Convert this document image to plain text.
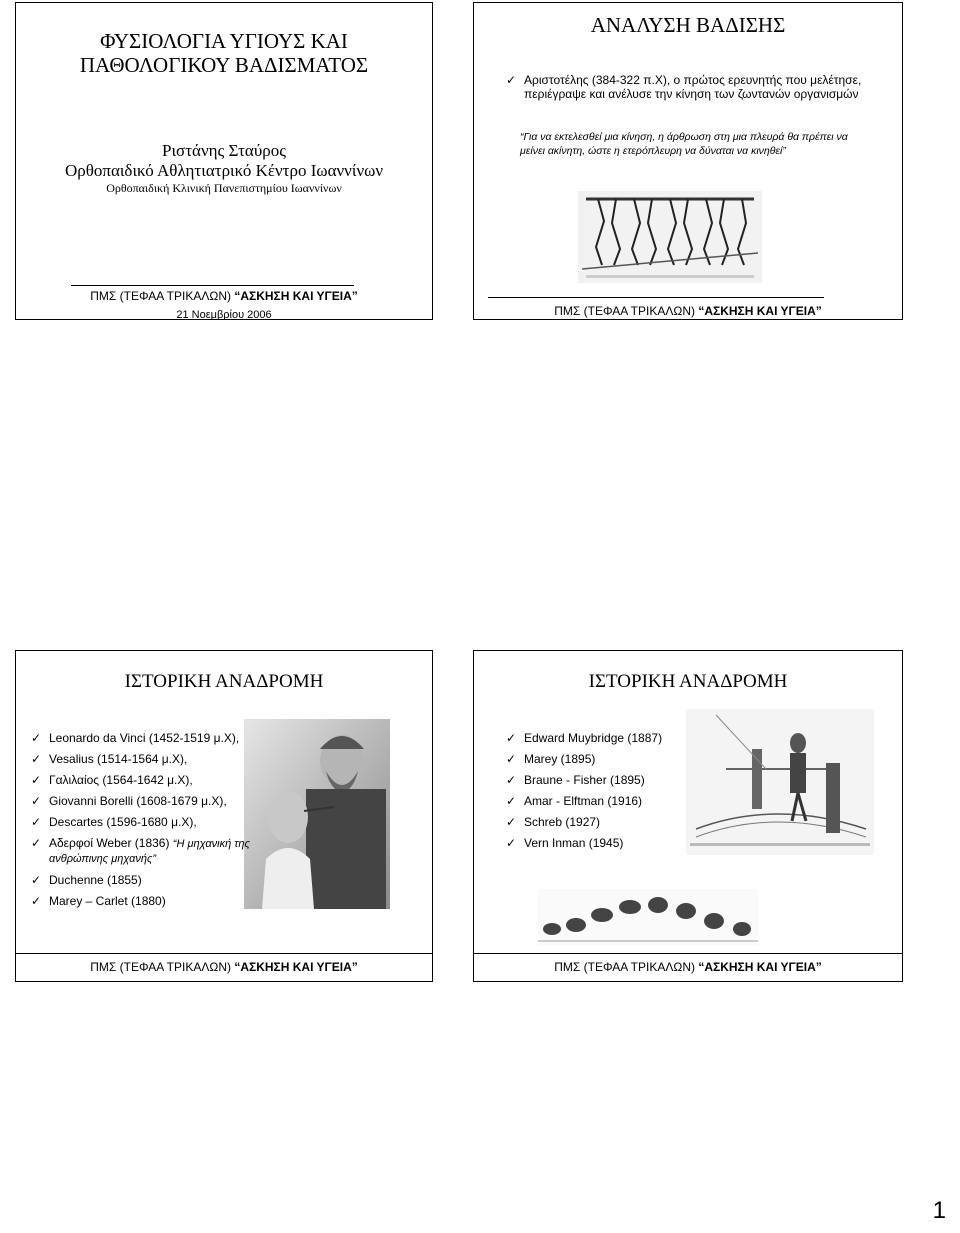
ΦΥΣΙΟΛΟΓΙΑ ΥΓΙΟΥΣ ΚΑΙ
ΠΑΘΟΛΟΓΙΚΟΥ ΒΑΔΙΣΜΑΤΟΣ
Ριστάνης Σταύρος
Ορθοπαιδικό Αθλητιατρικό Κέντρο Ιωαννίνων
Ορθοπαιδική Κλινική Πανεπιστημίου Ιωαννίνων
ΠΜΣ (ΤΕΦΑΑ ΤΡΙΚΑΛΩΝ) “ΑΣΚΗΣΗ ΚΑΙ ΥΓΕΙΑ”
21 Νοεμβρίου 2006
ΑΝΑΛΥΣΗ ΒΑΔΙΣΗΣ
✓ Αριστοτέλης (384-322 π.Χ), ο πρώτος ερευνητής που μελέτησε, περιέγραψε και ανέλυσε την κίνηση των ζωντανών οργανισμών
“Για να εκτελεσθεί μια κίνηση, η άρθρωση στη μια πλευρά θα πρέπει να μείνει ακίνητη, ώστε η ετερόπλευρη να δύναται να κινηθεί”
ΠΜΣ (ΤΕΦΑΑ ΤΡΙΚΑΛΩΝ) “ΑΣΚΗΣΗ ΚΑΙ ΥΓΕΙΑ”
ΙΣΤΟΡΙΚΗ ΑΝΑΔΡΟΜΗ
✓ Leonardo da Vinci (1452-1519 μ.Χ),
✓ Vesalius (1514-1564 μ.Χ),
✓ Γαλιλαίος (1564-1642 μ.Χ),
✓ Giovanni Borelli (1608-1679 μ.Χ),
✓ Descartes (1596-1680 μ.Χ),
✓ Αδερφοί Weber (1836) “Η μηχανική της ανθρώπινης μηχανής”
✓ Duchenne (1855)
✓ Marey – Carlet (1880)
ΠΜΣ (ΤΕΦΑΑ ΤΡΙΚΑΛΩΝ) “ΑΣΚΗΣΗ ΚΑΙ ΥΓΕΙΑ”
ΙΣΤΟΡΙΚΗ ΑΝΑΔΡΟΜΗ
✓ Edward Muybridge (1887)
✓ Marey (1895)
✓ Braune - Fisher (1895)
✓ Amar - Elftman (1916)
✓ Schreb (1927)
✓ Vern Inman (1945)
ΠΜΣ (ΤΕΦΑΑ ΤΡΙΚΑΛΩΝ) “ΑΣΚΗΣΗ ΚΑΙ ΥΓΕΙΑ”
1
